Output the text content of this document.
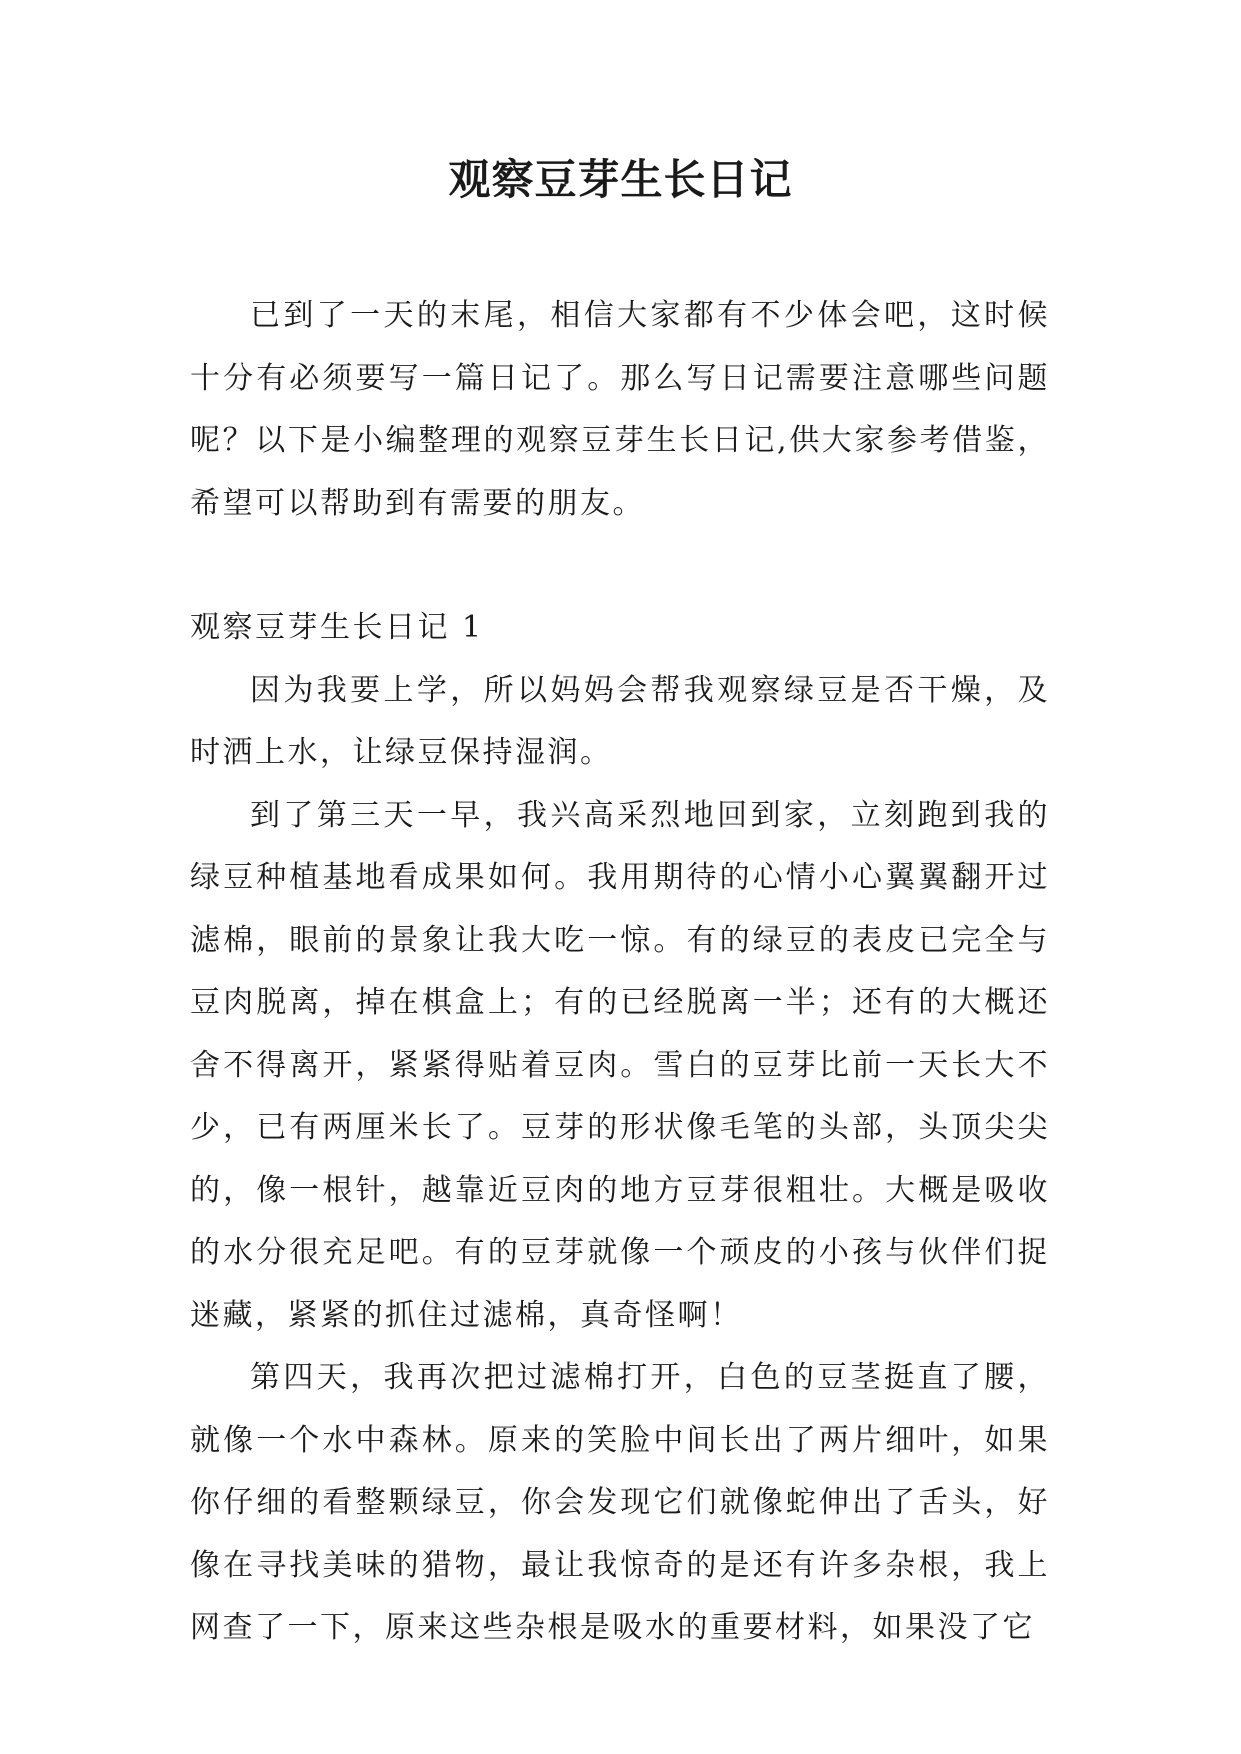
观察豆芽生长日记

已到了一天的末尾，相信大家都有不少体会吧，这时候十分有必须要写一篇日记了。那么写日记需要注意哪些问题呢？以下是小编整理的观察豆芽生长日记,供大家参考借鉴，希望可以帮助到有需要的朋友。

观察豆芽生长日记 1

因为我要上学，所以妈妈会帮我观察绿豆是否干燥，及时洒上水，让绿豆保持湿润。

到了第三天一早，我兴高采烈地回到家，立刻跑到我的绿豆种植基地看成果如何。我用期待的心情小心翼翼翻开过滤棉，眼前的景象让我大吃一惊。有的绿豆的表皮已完全与豆肉脱离，掉在棋盒上；有的已经脱离一半；还有的大概还舍不得离开，紧紧得贴着豆肉。雪白的豆芽比前一天长大不少，已有两厘米长了。豆芽的形状像毛笔的头部，头顶尖尖的，像一根针，越靠近豆肉的地方豆芽很粗壮。大概是吸收的水分很充足吧。有的豆芽就像一个顽皮的小孩与伙伴们捉迷藏，紧紧的抓住过滤棉，真奇怪啊！

第四天，我再次把过滤棉打开，白色的豆茎挺直了腰，就像一个水中森林。原来的笑脸中间长出了两片细叶，如果你仔细的看整颗绿豆，你会发现它们就像蛇伸出了舌头，好像在寻找美味的猎物，最让我惊奇的是还有许多杂根，我上网查了一下，原来这些杂根是吸水的重要材料，如果没了它
